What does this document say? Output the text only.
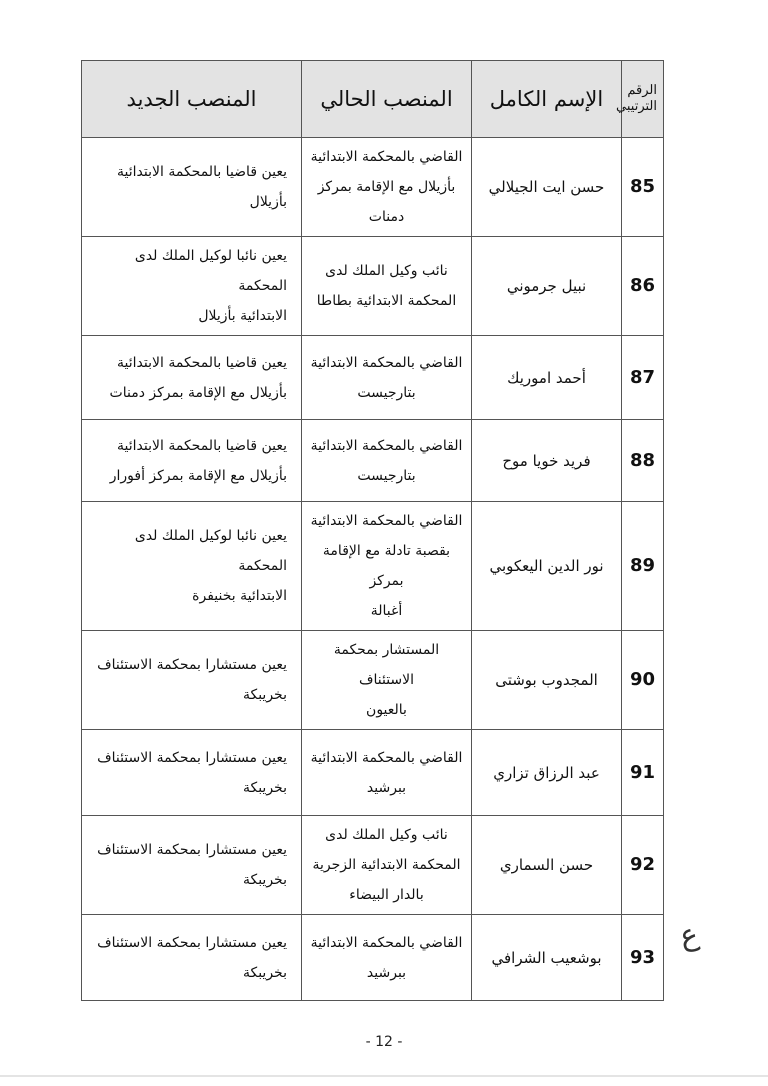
الرقم الترتيبي	الإسم الكامل	المنصب الحالي	المنصب الجديد
85	حسن ايت الجيلالي	القاضي بالمحكمة الابتدائية
بأزيلال مع الإقامة بمركز
دمنات	يعين قاضيا بالمحكمة الابتدائية
بأزيلال
86	نبيل جرموني	نائب وكيل الملك لدى
المحكمة الابتدائية بطاطا	يعين نائبا لوكيل الملك لدى المحكمة
الابتدائية بأزيلال
87	أحمد اموريك	القاضي بالمحكمة الابتدائية
بتارجيست	يعين قاضيا بالمحكمة الابتدائية
بأزيلال مع الإقامة بمركز دمنات
88	فريد خويا موح	القاضي بالمحكمة الابتدائية
بتارجيست	يعين قاضيا بالمحكمة الابتدائية
بأزيلال مع الإقامة بمركز أفورار
89	نور الدين اليعكوبي	القاضي بالمحكمة الابتدائية
بقصبة تادلة مع الإقامة بمركز
أغبالة	يعين نائبا لوكيل الملك لدى المحكمة
الابتدائية بخنيفرة
90	المجدوب بوشتى	المستشار بمحكمة الاستئناف
بالعيون	يعين مستشارا بمحكمة الاستئناف
بخريبكة
91	عبد الرزاق تزاري	القاضي بالمحكمة الابتدائية
ببرشيد	يعين مستشارا بمحكمة الاستئناف
بخريبكة
92	حسن السماري	نائب وكيل الملك لدى
المحكمة الابتدائية الزجرية
بالدار البيضاء	يعين مستشارا بمحكمة الاستئناف
بخريبكة
93	بوشعيب الشرافي	القاضي بالمحكمة الابتدائية
ببرشيد	يعين مستشارا بمحكمة الاستئناف
بخريبكة
ع
- 12 -
